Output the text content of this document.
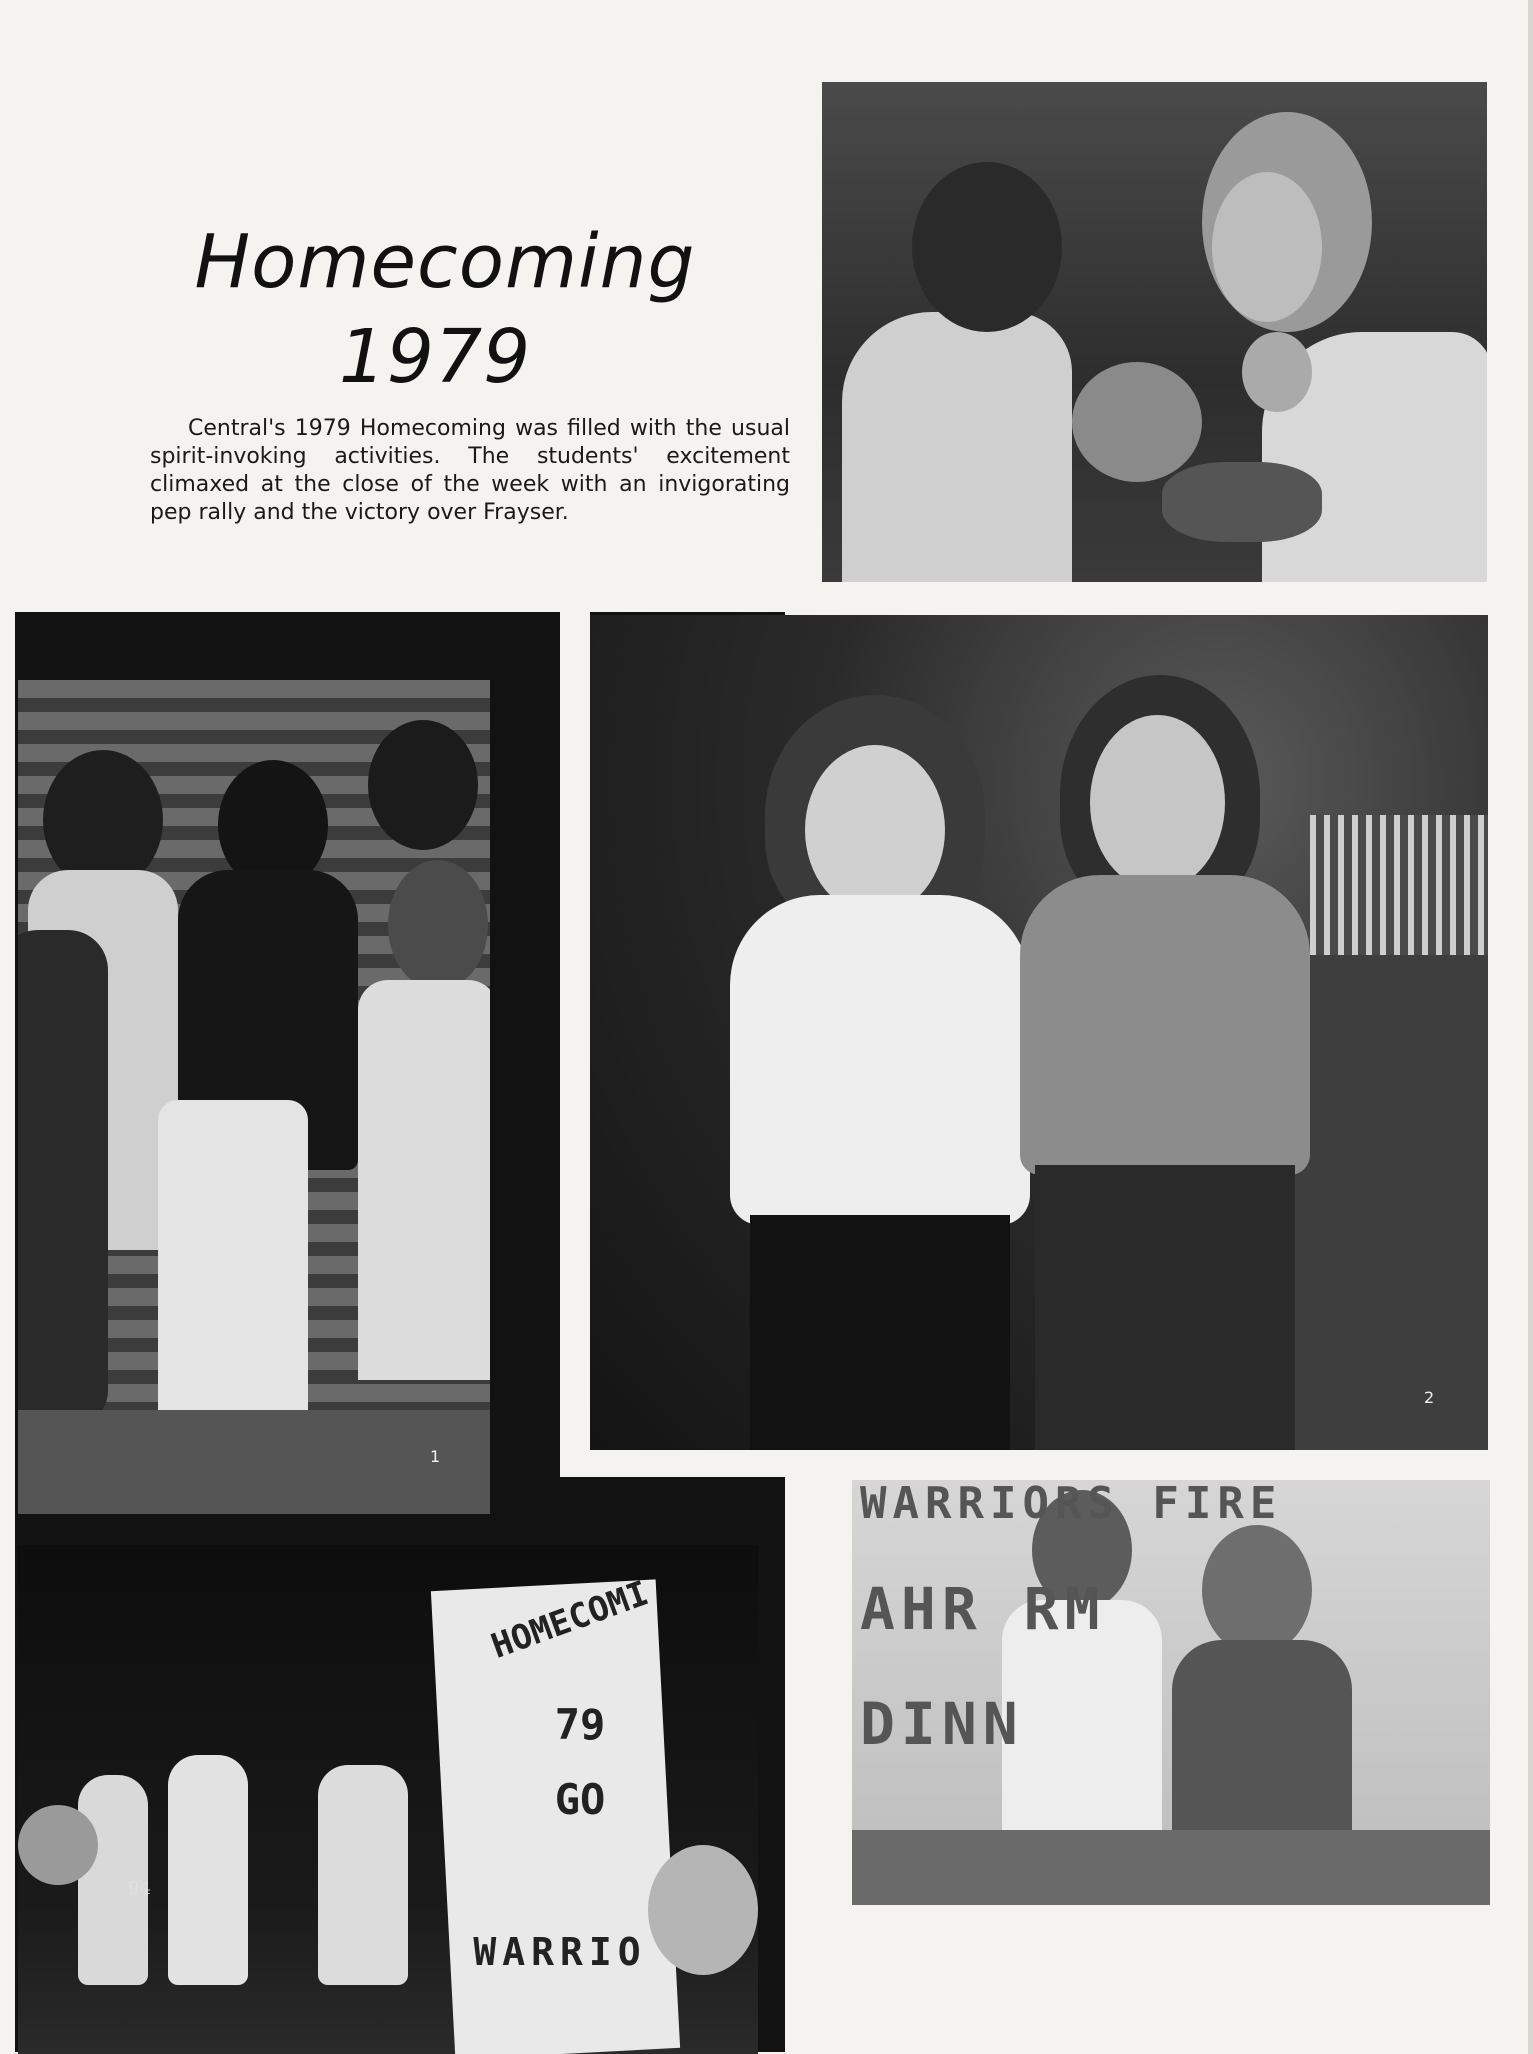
Homecoming
1979
Central's 1979 Homecoming was filled with the usual spirit-invoking activities. The students' excitement climaxed at the close of the week with an invigorating pep rally and the victory over Frayser.
1
2
HOMECOMI
79
GO
WARRIO
94
WARRIORS FIRE
AHR RM
DINN
